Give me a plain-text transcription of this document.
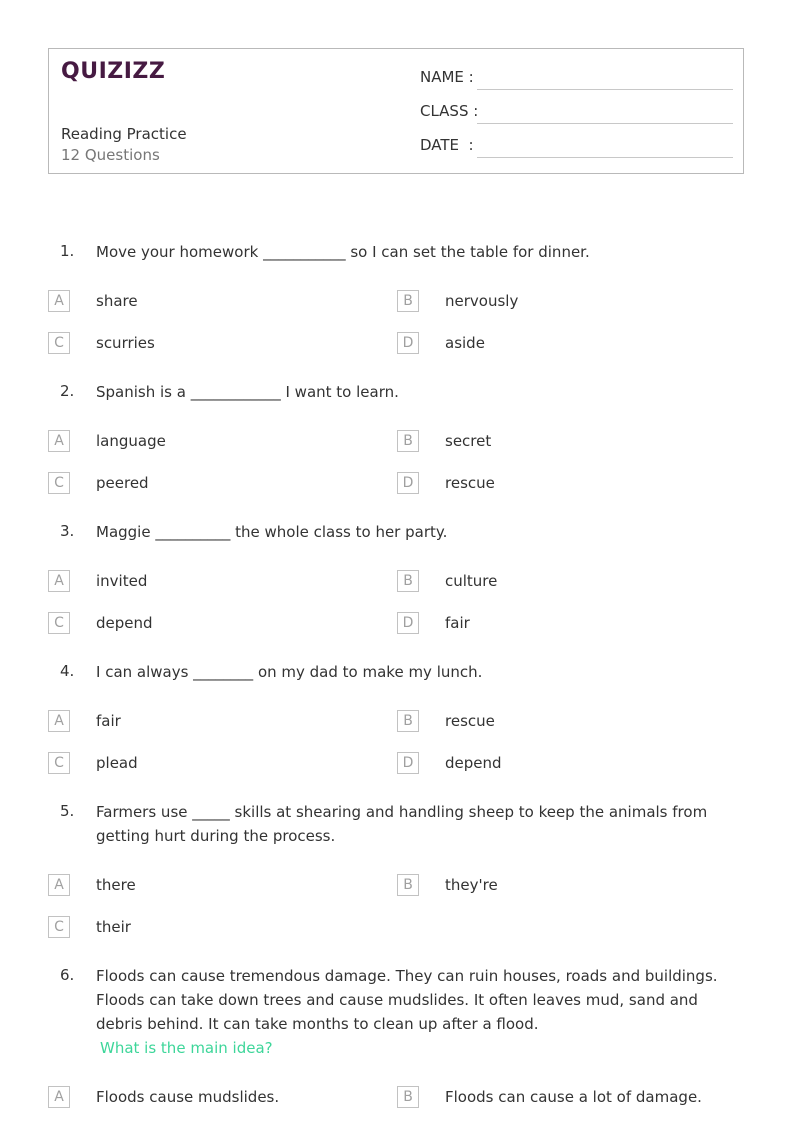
QUIZIZZ
Reading Practice
12 Questions
NAME :
CLASS :
DATE  :
1. Move your homework ___________ so I can set the table for dinner.
A	share	B	nervously
C	scurries	D	aside
2. Spanish is a ____________ I want to learn.
A	language	B	secret
C	peered	D	rescue
3. Maggie __________ the whole class to her party.
A	invited	B	culture
C	depend	D	fair
4. I can always ________ on my dad to make my lunch.
A	fair	B	rescue
C	plead	D	depend
5. Farmers use _____ skills at shearing and handling sheep to keep the animals from getting hurt during the process.
A	there	B	they're
C	their
6. Floods can cause tremendous damage. They can ruin houses, roads and buildings. Floods can take down trees and cause mudslides. It often leaves mud, sand and debris behind. It can take months to clean up after a flood.
What is the main idea?
A	Floods cause mudslides.	B	Floods can cause a lot of damage.
